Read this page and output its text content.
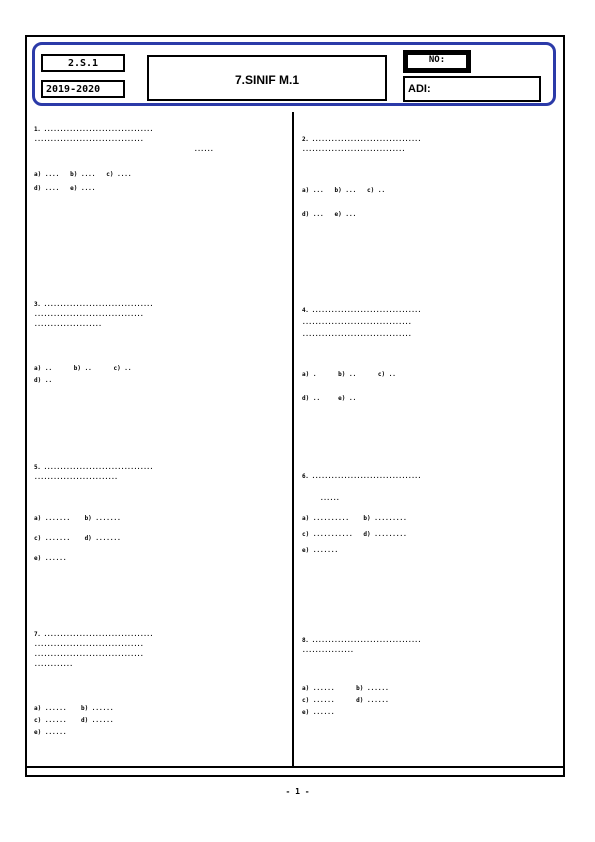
2.S.1
2019-2020
7.SINIF M.1
NO:
ADI:
1. ..................................
..................................
......
a) ....   b) ....   c) ....
d) ....   e) ....
3. ..................................
..................................
.....................
a) ..      b) ..      c) ..
d) ..
5. ..................................
..........................
a) .......    b) .......
c) .......    d) .......
e) ......
7. ..................................
..................................
..................................
............
a) ......    b) ......
c) ......    d) ......
e) ......
2. ..................................
................................
a) ...   b) ...   c) ..
d) ...   e) ...
4. ..................................
..................................
..................................
a) .      b) ..      c) ..
d) ..     e) ..
6. ..................................
......
a) ..........    b) .........
c) ...........   d) .........
e) .......
8. ..................................
................
a) ......      b) ......
c) ......      d) ......
e) ......
- 1 -
